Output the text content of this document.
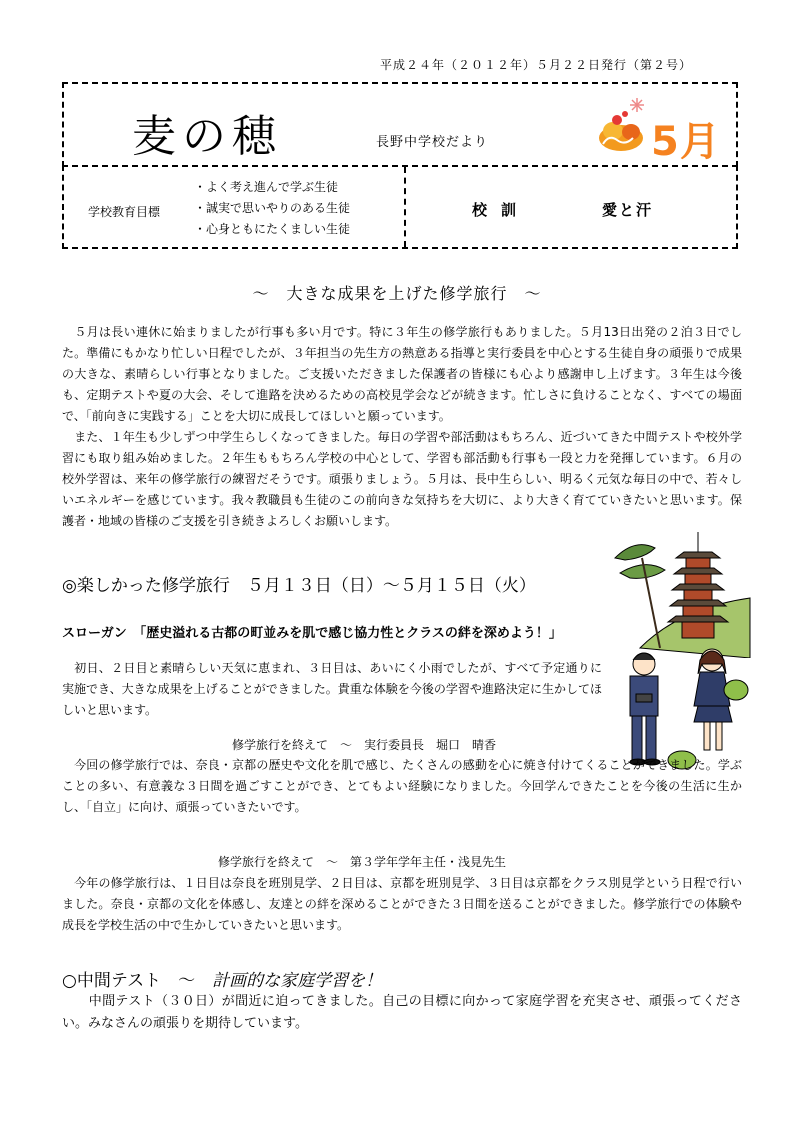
平成２４年（２０１２年）５月２２日発行（第２号）
麦の穂	長野中学校だより	5月
学校教育目標
・よく考え進んで学ぶ生徒
・誠実で思いやりのある生徒
・心身ともにたくましい生徒
校訓	愛と汗
～　大きな成果を上げた修学旅行　～

　５月は長い連休に始まりましたが行事も多い月です。特に３年生の修学旅行もありました。５月13日出発の２泊３日でした。準備にもかなり忙しい日程でしたが、３年担当の先生方の熱意ある指導と実行委員を中心とする生徒自身の頑張りで成果の大きな、素晴らしい行事となりました。ご支援いただきました保護者の皆様にも心より感謝申し上げます。３年生は今後も、定期テストや夏の大会、そして進路を決めるための高校見学会などが続きます。忙しさに負けることなく、すべての場面で、「前向きに実践する」ことを大切に成長してほしいと願っています。

　また、１年生も少しずつ中学生らしくなってきました。毎日の学習や部活動はもちろん、近づいてきた中間テストや校外学習にも取り組み始めました。２年生ももちろん学校の中心として、学習も部活動も行事も一段と力を発揮しています。６月の校外学習は、来年の修学旅行の練習だそうです。頑張りましょう。５月は、長中生らしい、明るく元気な毎日の中で、若々しいエネルギーを感じています。我々教職員も生徒のこの前向きな気持ちを大切に、より大きく育てていきたいと思います。保護者・地域の皆様のご支援を引き続きよろしくお願いします。

◎楽しかった修学旅行　５月１３日（日）～５月１５日（火）
スローガン　「歴史溢れる古都の町並みを肌で感じ協力性とクラスの絆を深めよう！」

　初日、２日目と素晴らしい天気に恵まれ、３日目は、あいにく小雨でしたが、すべて予定通りに実施でき、大きな成果を上げることができました。貴重な体験を今後の学習や進路決定に生かしてほしいと思います。

修学旅行を終えて　～　実行委員長　堀口　晴香

　今回の修学旅行では、奈良・京都の歴史や文化を肌で感じ、たくさんの感動を心に焼き付けてくることができました。学ぶことの多い、有意義な３日間を過ごすことができ、とてもよい経験になりました。今回学んできたことを今後の生活に生かし、「自立」に向け、頑張っていきたいです。

修学旅行を終えて　～　第３学年学年主任・浅見先生

　今年の修学旅行は、１日目は奈良を班別見学、２日目は、京都を班別見学、３日目は京都をクラス別見学という日程で行いました。奈良・京都の文化を体感し、友達との絆を深めることができた３日間を送ることができました。修学旅行での体験や成長を学校生活の中で生かしていきたいと思います。

○中間テスト　～　計画的な家庭学習を！

　　中間テスト（３０日）が間近に迫ってきました。自己の目標に向かって家庭学習を充実させ、頑張ってください。みなさんの頑張りを期待しています。
